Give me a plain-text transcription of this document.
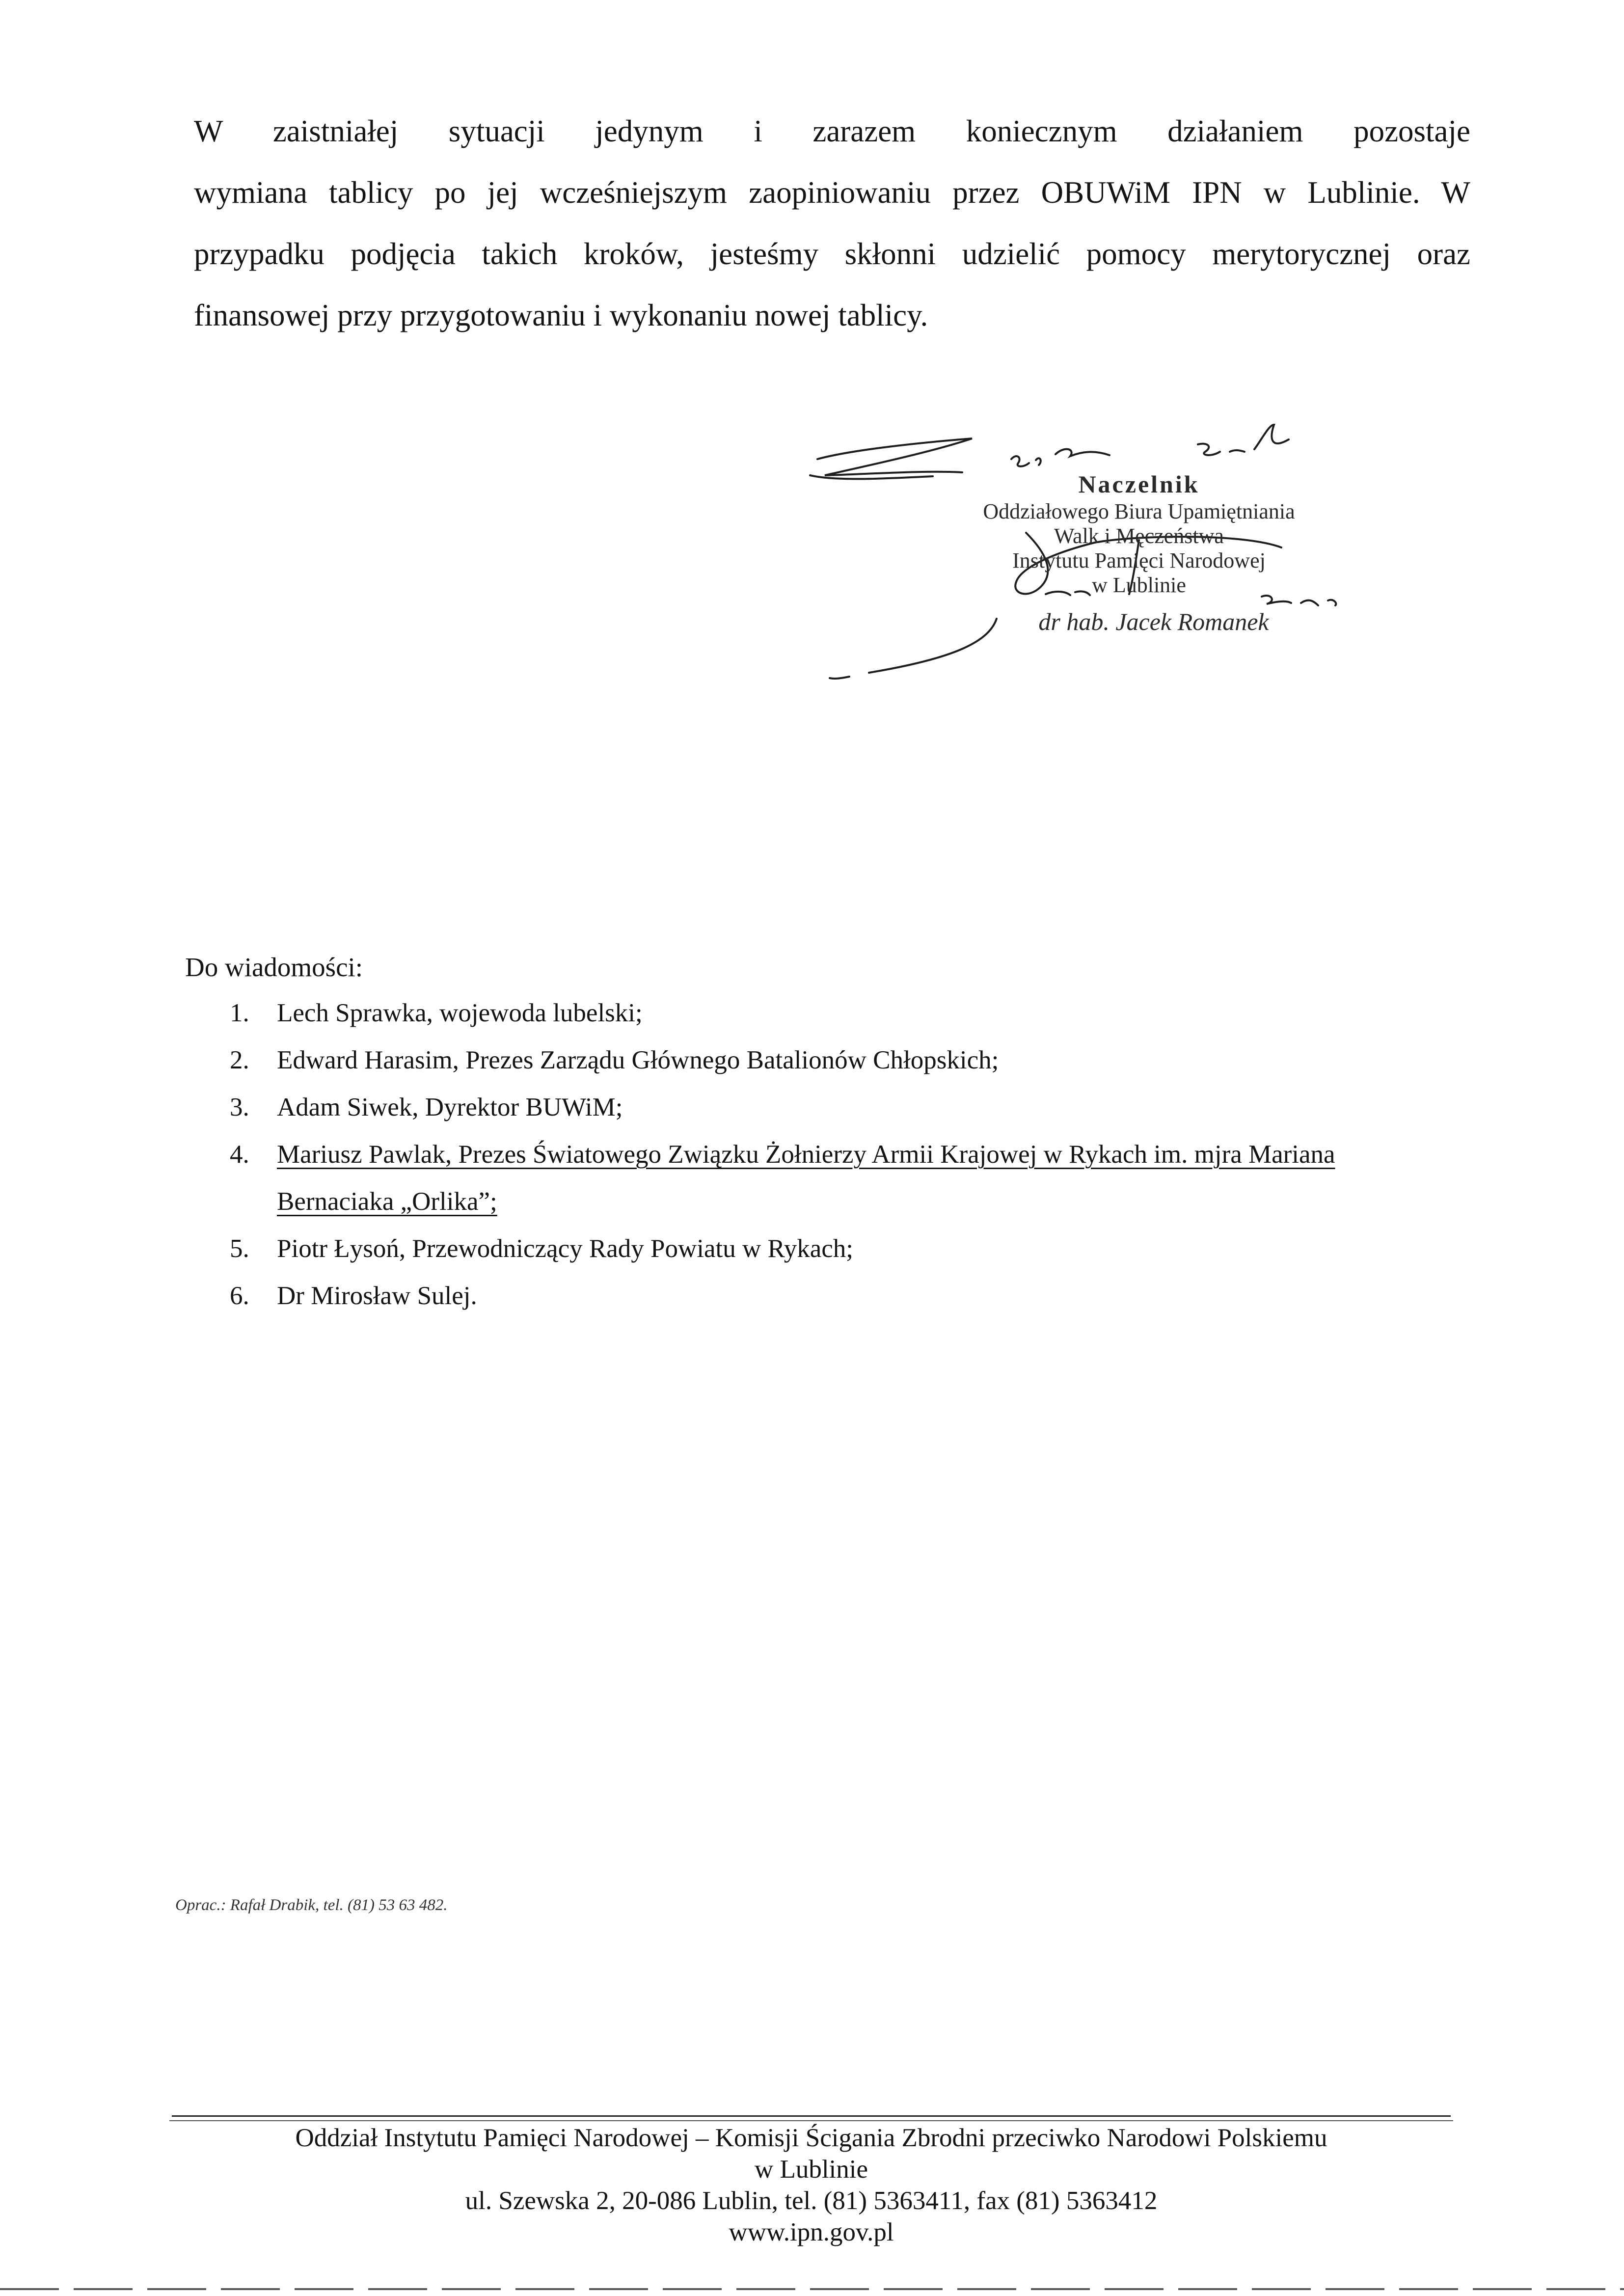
W zaistniałej sytuacji jedynym i zarazem koniecznym działaniem pozostaje
wymiana tablicy po jej wcześniejszym zaopiniowaniu przez OBUWiM IPN w Lublinie. W
przypadku podjęcia takich kroków, jesteśmy skłonni udzielić pomocy merytorycznej oraz
finansowej przy przygotowaniu i wykonaniu nowej tablicy.
Naczelnik
Oddziałowego Biura Upamiętniania
Walk i Męczeństwa
Instytutu Pamięci Narodowej
w Lublinie
dr hab. Jacek Romanek
Do wiadomości:
1.	Lech Sprawka, wojewoda lubelski;
2.	Edward Harasim, Prezes Zarządu Głównego Batalionów Chłopskich;
3.	Adam Siwek, Dyrektor BUWiM;
4.	Mariusz Pawlak, Prezes Światowego Związku Żołnierzy Armii Krajowej w Rykach im. mjra Mariana Bernaciaka „Orlika”;
5.	Piotr Łysoń, Przewodniczący Rady Powiatu w Rykach;
6.	Dr Mirosław Sulej.
Oprac.: Rafał Drabik, tel. (81) 53 63 482.
Oddział Instytutu Pamięci Narodowej – Komisji Ścigania Zbrodni przeciwko Narodowi Polskiemu
w Lublinie
ul. Szewska 2, 20-086 Lublin, tel. (81) 5363411, fax (81) 5363412
www.ipn.gov.pl
